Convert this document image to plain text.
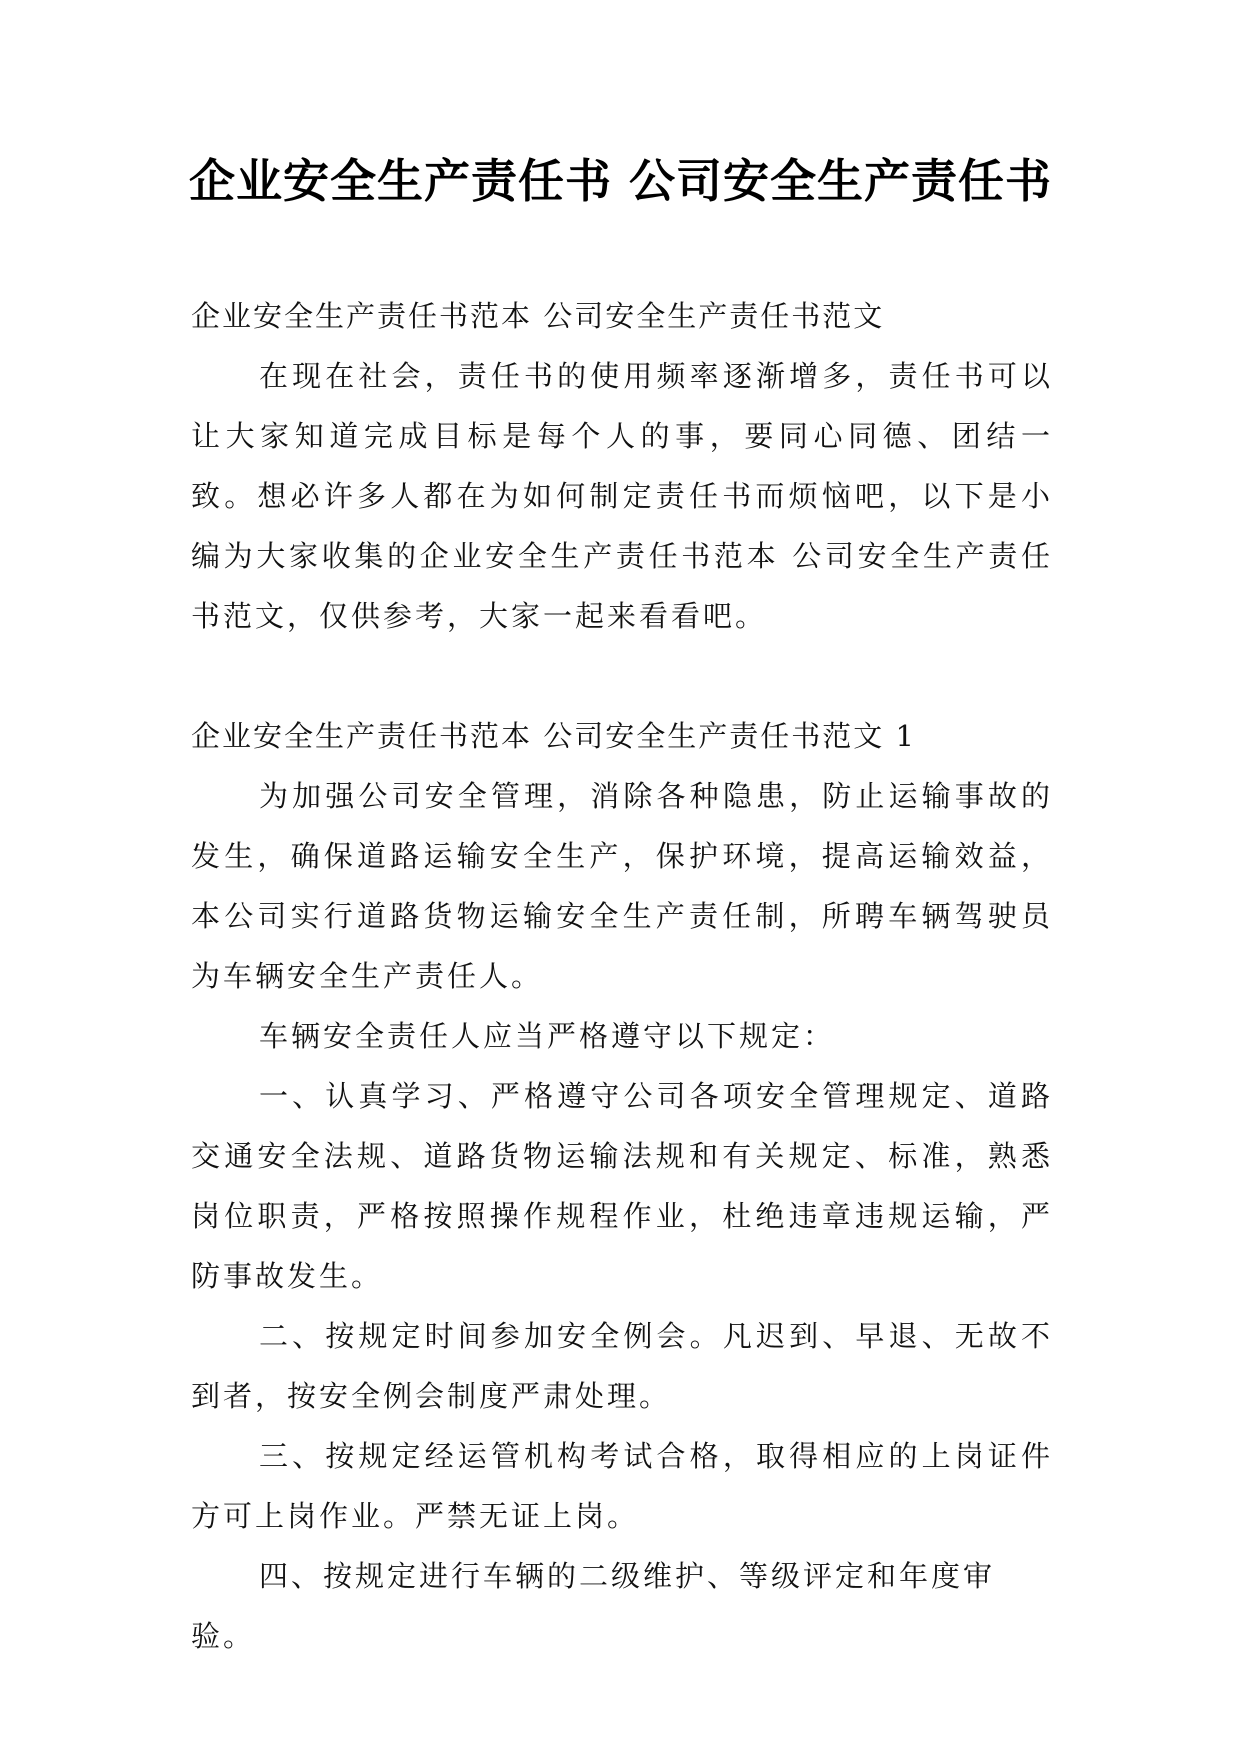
企业安全生产责任书 公司安全生产责任书

企业安全生产责任书范本 公司安全生产责任书范文

在现在社会，责任书的使用频率逐渐增多，责任书可以让大家知道完成目标是每个人的事，要同心同德、团结一致。想必许多人都在为如何制定责任书而烦恼吧，以下是小编为大家收集的企业安全生产责任书范本 公司安全生产责任书范文，仅供参考，大家一起来看看吧。

企业安全生产责任书范本 公司安全生产责任书范文 1

为加强公司安全管理，消除各种隐患，防止运输事故的发生，确保道路运输安全生产，保护环境，提高运输效益，本公司实行道路货物运输安全生产责任制，所聘车辆驾驶员为车辆安全生产责任人。

车辆安全责任人应当严格遵守以下规定：

一、认真学习、严格遵守公司各项安全管理规定、道路交通安全法规、道路货物运输法规和有关规定、标准，熟悉岗位职责，严格按照操作规程作业，杜绝违章违规运输，严防事故发生。

二、按规定时间参加安全例会。凡迟到、早退、无故不到者，按安全例会制度严肃处理。

三、按规定经运管机构考试合格，取得相应的上岗证件方可上岗作业。严禁无证上岗。

四、按规定进行车辆的二级维护、等级评定和年度审验。
